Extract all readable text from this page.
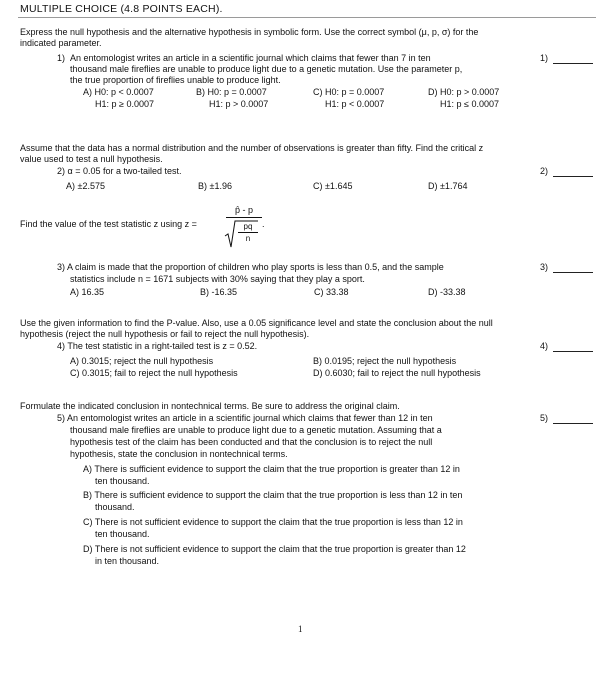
MULTIPLE CHOICE (4.8 POINTS EACH).
Express the null hypothesis and the alternative hypothesis in symbolic form. Use the correct symbol (μ, p, σ) for the
indicated parameter.
1) An entomologist writes an article in a scientific journal which claims that fewer than 7 in ten
thousand male fireflies are unable to produce light due to a genetic mutation. Use the parameter p,
the true proportion of fireflies unable to produce light.
1)
A) H0: p < 0.0007
H1: p ≥ 0.0007
B) H0: p = 0.0007
H1: p > 0.0007
C) H0: p = 0.0007
H1: p < 0.0007
D) H0: p > 0.0007
H1: p ≤ 0.0007
Assume that the data has a normal distribution and the number of observations is greater than fifty. Find the critical z
value used to test a null hypothesis.
2) α = 0.05 for a two-tailed test.	2)
A) ±2.575	B) ±1.96	C) ±1.645	D) ±1.764
Find the value of the test statistic z using z =
p̂ - p
pq
n
.
3) A claim is made that the proportion of children who play sports is less than 0.5, and the sample
statistics include n = 1671 subjects with 30% saying that they play a sport.
3)
A) 16.35	B) -16.35	C) 33.38	D) -33.38
Use the given information to find the P-value. Also, use a 0.05 significance level and state the conclusion about the null
hypothesis (reject the null hypothesis or fail to reject the null hypothesis).
4) The test statistic in a right-tailed test is z = 0.52.	4)
A) 0.3015; reject the null hypothesis	B) 0.0195; reject the null hypothesis
C) 0.3015; fail to reject the null hypothesis	D) 0.6030; fail to reject the null hypothesis
Formulate the indicated conclusion in nontechnical terms. Be sure to address the original claim.
5) An entomologist writes an article in a scientific journal which claims that fewer than 12 in ten
thousand male fireflies are unable to produce light due to a genetic mutation. Assuming that a
hypothesis test of the claim has been conducted and that the conclusion is to reject the null
hypothesis, state the conclusion in nontechnical terms.
5)
A) There is sufficient evidence to support the claim that the true proportion is greater than 12 in
ten thousand.
B) There is sufficient evidence to support the claim that the true proportion is less than 12 in ten
thousand.
C) There is not sufficient evidence to support the claim that the true proportion is less than 12 in
ten thousand.
D) There is not sufficient evidence to support the claim that the true proportion is greater than 12
in ten thousand.
1
